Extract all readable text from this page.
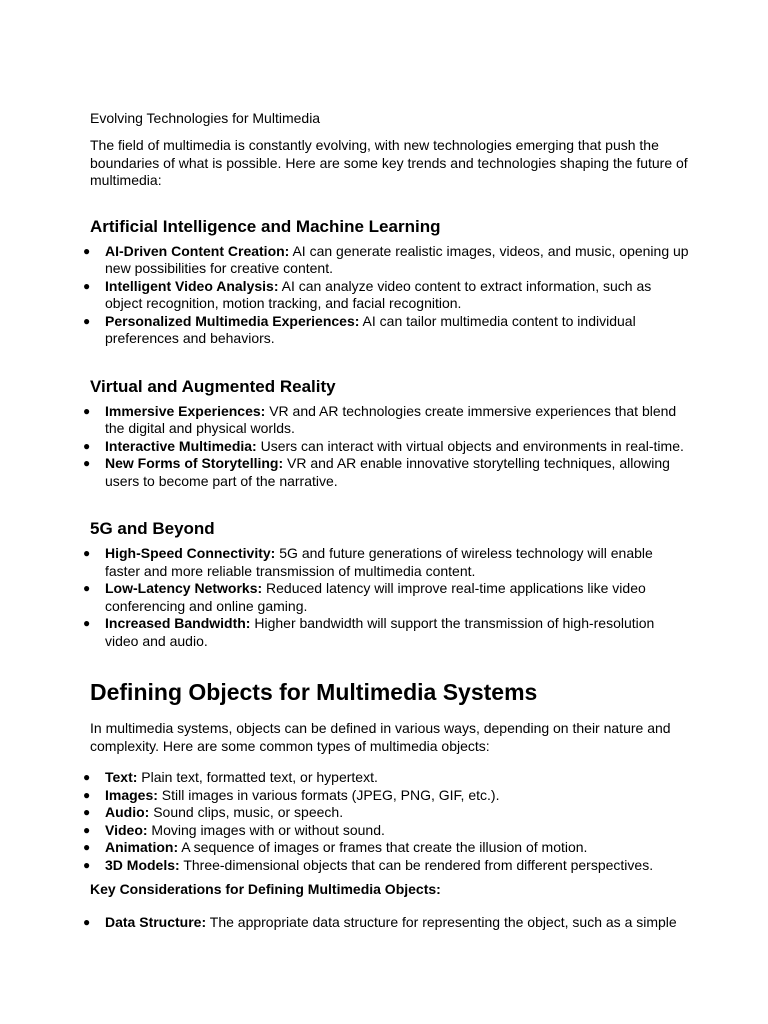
Evolving Technologies for Multimedia

The field of multimedia is constantly evolving, with new technologies emerging that push the boundaries of what is possible. Here are some key trends and technologies shaping the future of multimedia:

Artificial Intelligence and Machine Learning
● AI-Driven Content Creation: AI can generate realistic images, videos, and music, opening up new possibilities for creative content.
● Intelligent Video Analysis: AI can analyze video content to extract information, such as object recognition, motion tracking, and facial recognition.
● Personalized Multimedia Experiences: AI can tailor multimedia content to individual preferences and behaviors.
Virtual and Augmented Reality
● Immersive Experiences: VR and AR technologies create immersive experiences that blend the digital and physical worlds.
● Interactive Multimedia: Users can interact with virtual objects and environments in real-time.
● New Forms of Storytelling: VR and AR enable innovative storytelling techniques, allowing users to become part of the narrative.
5G and Beyond
● High-Speed Connectivity: 5G and future generations of wireless technology will enable faster and more reliable transmission of multimedia content.
● Low-Latency Networks: Reduced latency will improve real-time applications like video conferencing and online gaming.
● Increased Bandwidth: Higher bandwidth will support the transmission of high-resolution video and audio.
Defining Objects for Multimedia Systems

In multimedia systems, objects can be defined in various ways, depending on their nature and complexity. Here are some common types of multimedia objects:

● Text: Plain text, formatted text, or hypertext.
● Images: Still images in various formats (JPEG, PNG, GIF, etc.).
● Audio: Sound clips, music, or speech.
● Video: Moving images with or without sound.
● Animation: A sequence of images or frames that create the illusion of motion.
● 3D Models: Three-dimensional objects that can be rendered from different perspectives.

Key Considerations for Defining Multimedia Objects:

● Data Structure: The appropriate data structure for representing the object, such as a simple
